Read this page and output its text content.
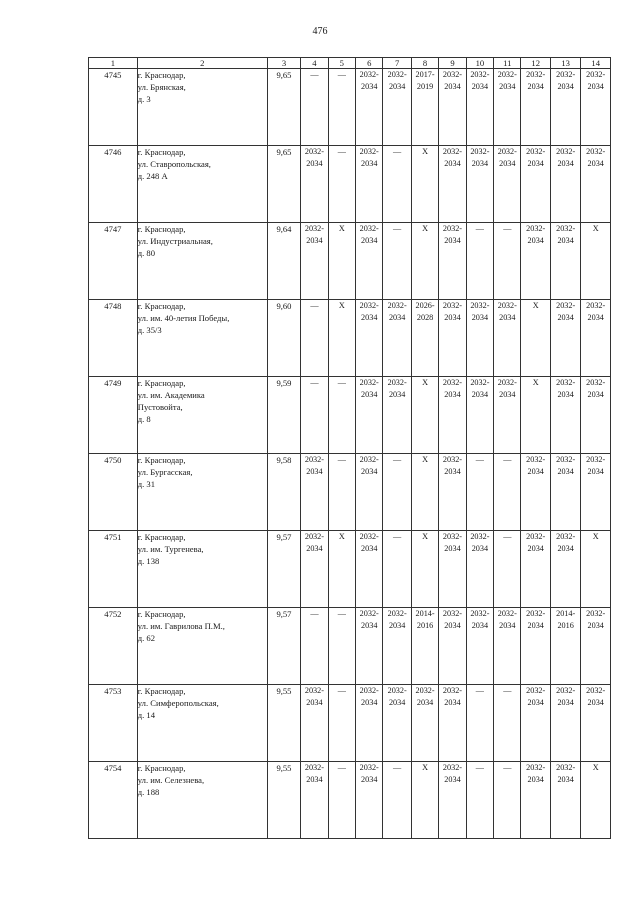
476
1	2	3	4	5	6	7	8	9	10	11	12	13	14
4745	г. Краснодар,
ул. Брянская,
д. 3	9,65	—	—	2032-
2034	2032-
2034	2017-
2019	2032-
2034	2032-
2034	2032-
2034	2032-
2034	2032-
2034	2032-
2034

4746	г. Краснодар,
ул. Ставропольская,
д. 248 А	9,65	2032-
2034	—	2032-
2034	—	X	2032-
2034	2032-
2034	2032-
2034	2032-
2034	2032-
2034	2032-
2034

4747	г. Краснодар,
ул. Индустриальная,
д. 80	9,64	2032-
2034	X	2032-
2034	—	X	2032-
2034	—	—	2032-
2034	2032-
2034	X
4748	г. Краснодар,
ул. им. 40-летия Победы,
д. 35/3	9,60	—	X	2032-
2034	2032-
2034	2026-
2028	2032-
2034	2032-
2034	2032-
2034	X	2032-
2034	2032-
2034

4749	г. Краснодар,
ул. им. Академика
Пустовойта,
д. 8	9,59	—	—	2032-
2034	2032-
2034	X	2032-
2034	2032-
2034	2032-
2034	X	2032-
2034	2032-
2034

4750	г. Краснодар,
ул. Бургасская,
д. 31	9,58	2032-
2034	—	2032-
2034	—	X	2032-
2034	—	—	2032-
2034	2032-
2034	2032-
2034

4751	г. Краснодар,
ул. им. Тургенева,
д. 138	9,57	2032-
2034	X	2032-
2034	—	X	2032-
2034	2032-
2034	—	2032-
2034	2032-
2034	X
4752	г. Краснодар,
ул. им. Гаврилова П.М.,
д. 62	9,57	—	—	2032-
2034	2032-
2034	2014-
2016	2032-
2034	2032-
2034	2032-
2034	2032-
2034	2014-
2016	2032-
2034

4753	г. Краснодар,
ул. Симферопольская,
д. 14	9,55	2032-
2034	—	2032-
2034	2032-
2034	2032-
2034	2032-
2034	—	—	2032-
2034	2032-
2034	2032-
2034

4754	г. Краснодар,
ул. им. Селезнева,
д. 188	9,55	2032-
2034	—	2032-
2034	—	X	2032-
2034	—	—	2032-
2034	2032-
2034	X
